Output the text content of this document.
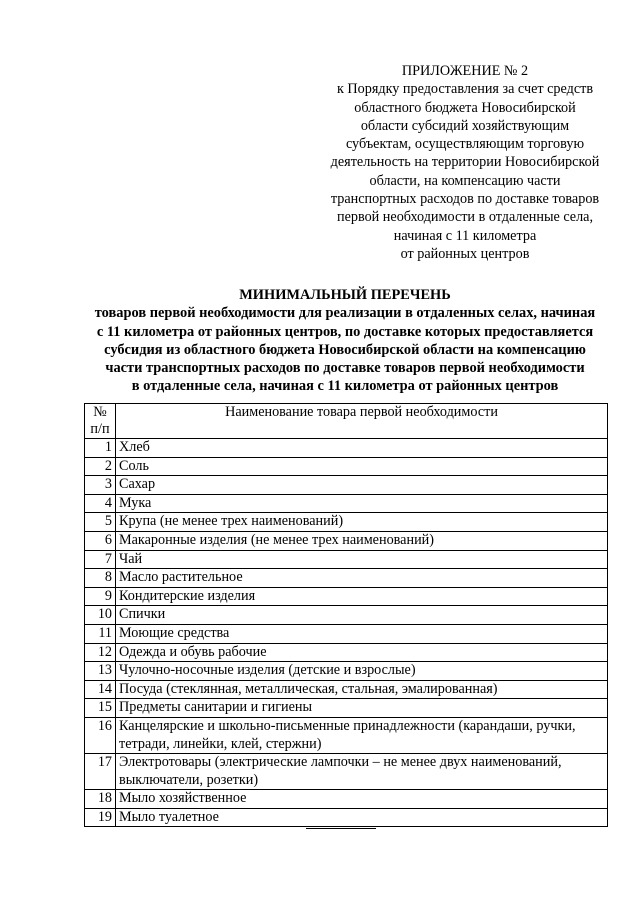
ПРИЛОЖЕНИЕ № 2
к Порядку предоставления за счет средств
областного бюджета Новосибирской
области субсидий хозяйствующим
субъектам, осуществляющим торговую
деятельность на территории Новосибирской
области, на компенсацию части
транспортных расходов по доставке товаров
первой необходимости в отдаленные села,
начиная с 11 километра
от районных центров
МИНИМАЛЬНЫЙ ПЕРЕЧЕНЬ
товаров первой необходимости для реализации в отдаленных селах, начиная
с 11 километра от районных центров, по доставке которых предоставляется
субсидия из областного бюджета Новосибирской области на компенсацию
части транспортных расходов по доставке товаров первой необходимости
в отдаленные села, начиная с 11 километра от районных центров
№
п/п	Наименование товара первой необходимости
1	Хлеб
2	Соль
3	Сахар
4	Мука
5	Крупа (не менее трех наименований)
6	Макаронные изделия (не менее трех наименований)
7	Чай
8	Масло растительное
9	Кондитерские изделия
10	Спички
11	Моющие средства
12	Одежда и обувь рабочие
13	Чулочно-носочные изделия (детские и взрослые)
14	Посуда (стеклянная, металлическая, стальная, эмалированная)
15	Предметы санитарии и гигиены
16	Канцелярские и школьно-письменные принадлежности (карандаши, ручки, тетради, линейки, клей, стержни)
17	Электротовары (электрические лампочки – не менее двух наименований, выключатели, розетки)
18	Мыло хозяйственное
19	Мыло туалетное
